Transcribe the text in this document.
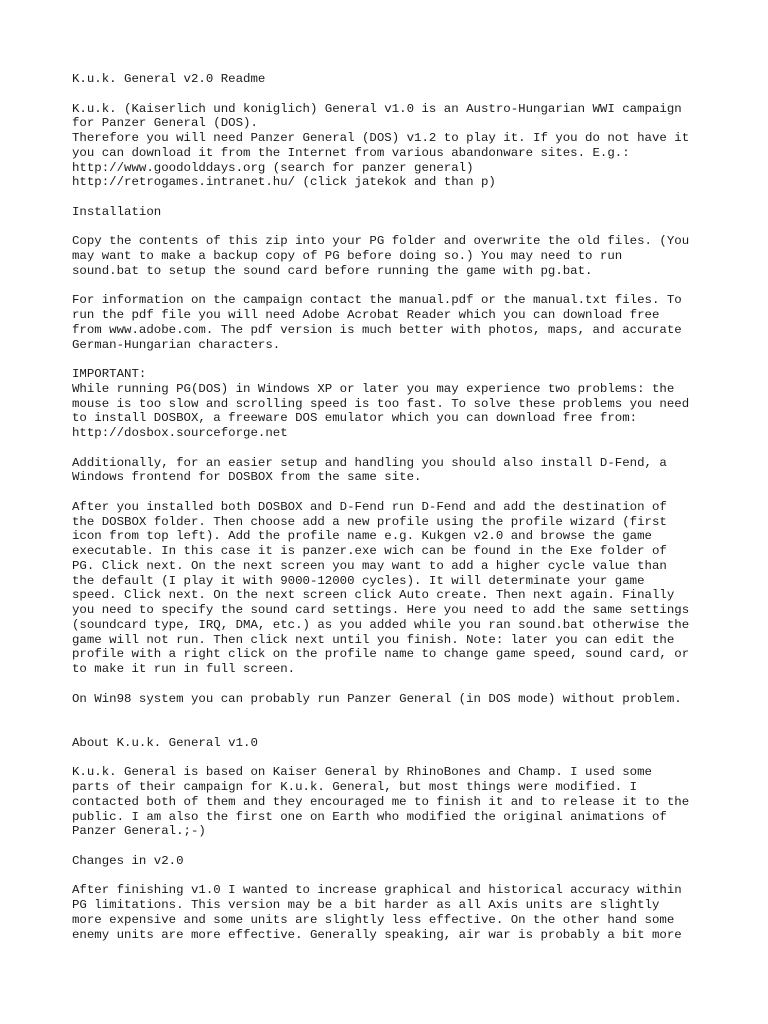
K.u.k. General v2.0 Readme
K.u.k. (Kaiserlich und koniglich) General v1.0 is an Austro-Hungarian WWI campaign
for Panzer General (DOS).
Therefore you will need Panzer General (DOS) v1.2 to play it. If you do not have it
you can download it from the Internet from various abandonware sites. E.g.:
http://www.goodolddays.org (search for panzer general)
http://retrogames.intranet.hu/ (click jatekok and than p)
Installation
Copy the contents of this zip into your PG folder and overwrite the old files. (You
may want to make a backup copy of PG before doing so.) You may need to run
sound.bat to setup the sound card before running the game with pg.bat.
For information on the campaign contact the manual.pdf or the manual.txt files. To
run the pdf file you will need Adobe Acrobat Reader which you can download free
from www.adobe.com. The pdf version is much better with photos, maps, and accurate
German-Hungarian characters.
IMPORTANT:
While running PG(DOS) in Windows XP or later you may experience two problems: the
mouse is too slow and scrolling speed is too fast. To solve these problems you need
to install DOSBOX, a freeware DOS emulator which you can download free from:
http://dosbox.sourceforge.net
Additionally, for an easier setup and handling you should also install D-Fend, a
Windows frontend for DOSBOX from the same site.
After you installed both DOSBOX and D-Fend run D-Fend and add the destination of
the DOSBOX folder. Then choose add a new profile using the profile wizard (first
icon from top left). Add the profile name e.g. Kukgen v2.0 and browse the game
executable. In this case it is panzer.exe wich can be found in the Exe folder of
PG. Click next. On the next screen you may want to add a higher cycle value than
the default (I play it with 9000-12000 cycles). It will determinate your game
speed. Click next. On the next screen click Auto create. Then next again. Finally
you need to specify the sound card settings. Here you need to add the same settings
(soundcard type, IRQ, DMA, etc.) as you added while you ran sound.bat otherwise the
game will not run. Then click next until you finish. Note: later you can edit the
profile with a right click on the profile name to change game speed, sound card, or
to make it run in full screen.
On Win98 system you can probably run Panzer General (in DOS mode) without problem.
About K.u.k. General v1.0
K.u.k. General is based on Kaiser General by RhinoBones and Champ. I used some
parts of their campaign for K.u.k. General, but most things were modified. I
contacted both of them and they encouraged me to finish it and to release it to the
public. I am also the first one on Earth who modified the original animations of
Panzer General.;-)
Changes in v2.0
After finishing v1.0 I wanted to increase graphical and historical accuracy within
PG limitations. This version may be a bit harder as all Axis units are slightly
more expensive and some units are slightly less effective. On the other hand some
enemy units are more effective. Generally speaking, air war is probably a bit more
